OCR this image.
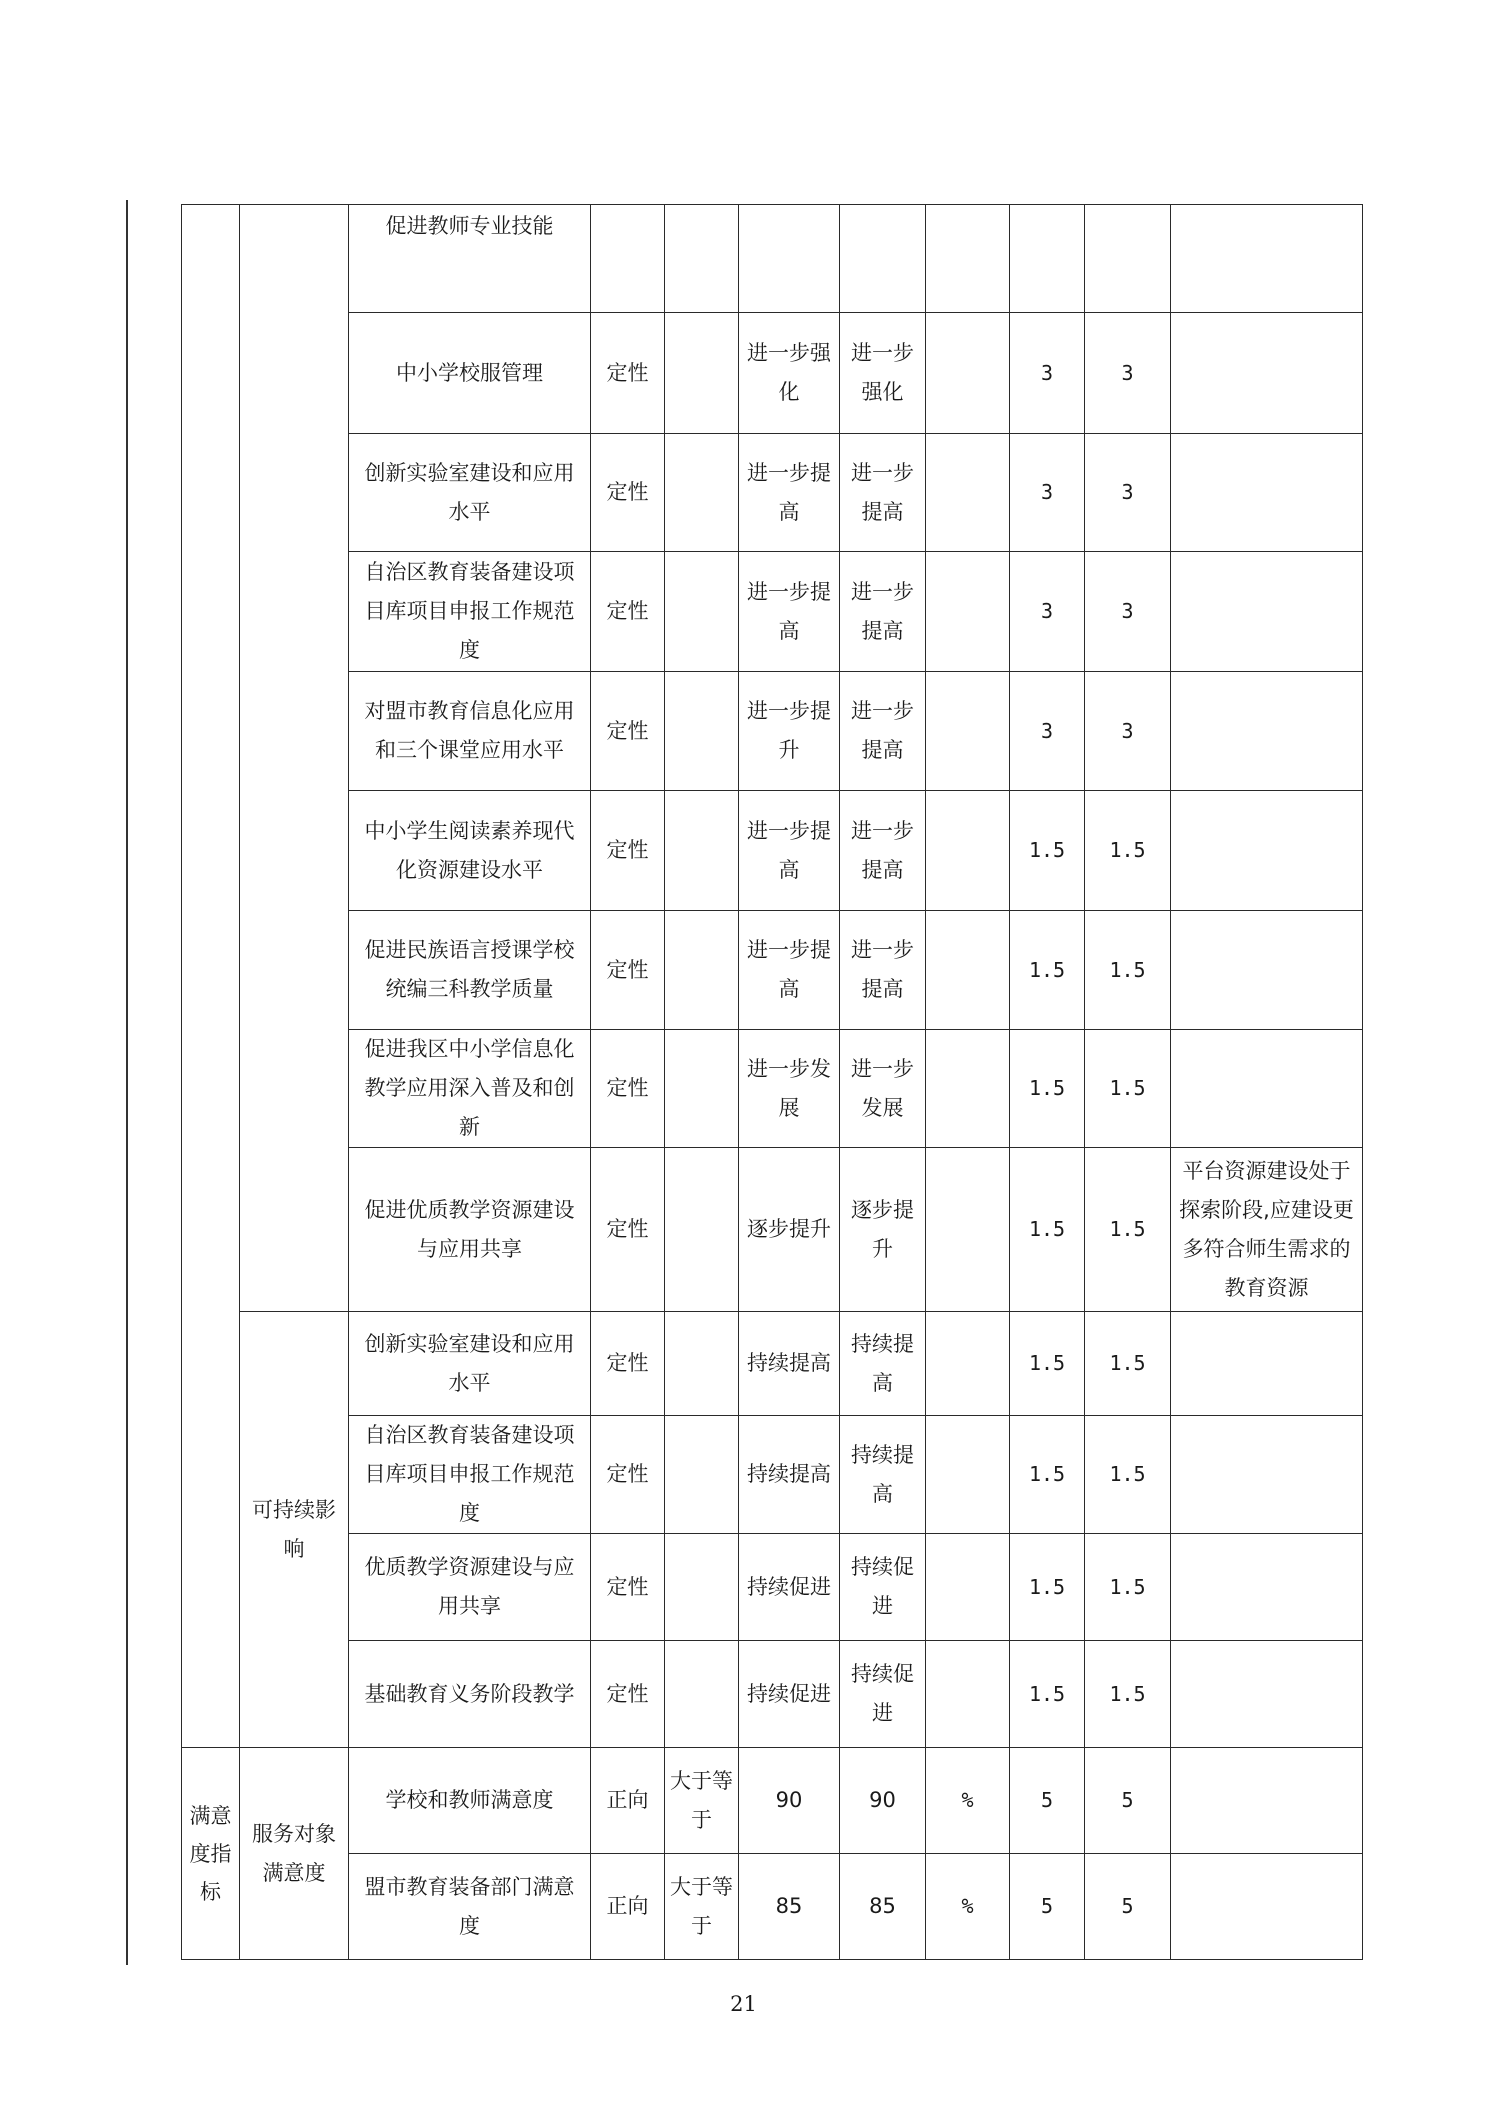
		促进教师专业技能								
		中小学校服管理	定性		进一步强化	进一步强化		3	3	
		创新实验室建设和应用水平	定性		进一步提高	进一步提高		3	3	
		自治区教育装备建设项目库项目申报工作规范度	定性		进一步提高	进一步提高		3	3	
		对盟市教育信息化应用和三个课堂应用水平	定性		进一步提升	进一步提高		3	3	
		中小学生阅读素养现代化资源建设水平	定性		进一步提高	进一步提高		1.5	1.5	
		促进民族语言授课学校统编三科教学质量	定性		进一步提高	进一步提高		1.5	1.5	
		促进我区中小学信息化教学应用深入普及和创新	定性		进一步发展	进一步发展		1.5	1.5	
		促进优质教学资源建设与应用共享	定性		逐步提升	逐步提升		1.5	1.5	平台资源建设处于探索阶段,应建设更多符合师生需求的教育资源
	可持续影响	创新实验室建设和应用水平	定性		持续提高	持续提高		1.5	1.5	
		自治区教育装备建设项目库项目申报工作规范度	定性		持续提高	持续提高		1.5	1.5	
		优质教学资源建设与应用共享	定性		持续促进	持续促进		1.5	1.5	
		基础教育义务阶段教学	定性		持续促进	持续促进		1.5	1.5	
满意度指标	服务对象满意度	学校和教师满意度	正向	大于等于	90	90	%	5	5	
		盟市教育装备部门满意度	正向	大于等于	85	85	%	5	5	
21
